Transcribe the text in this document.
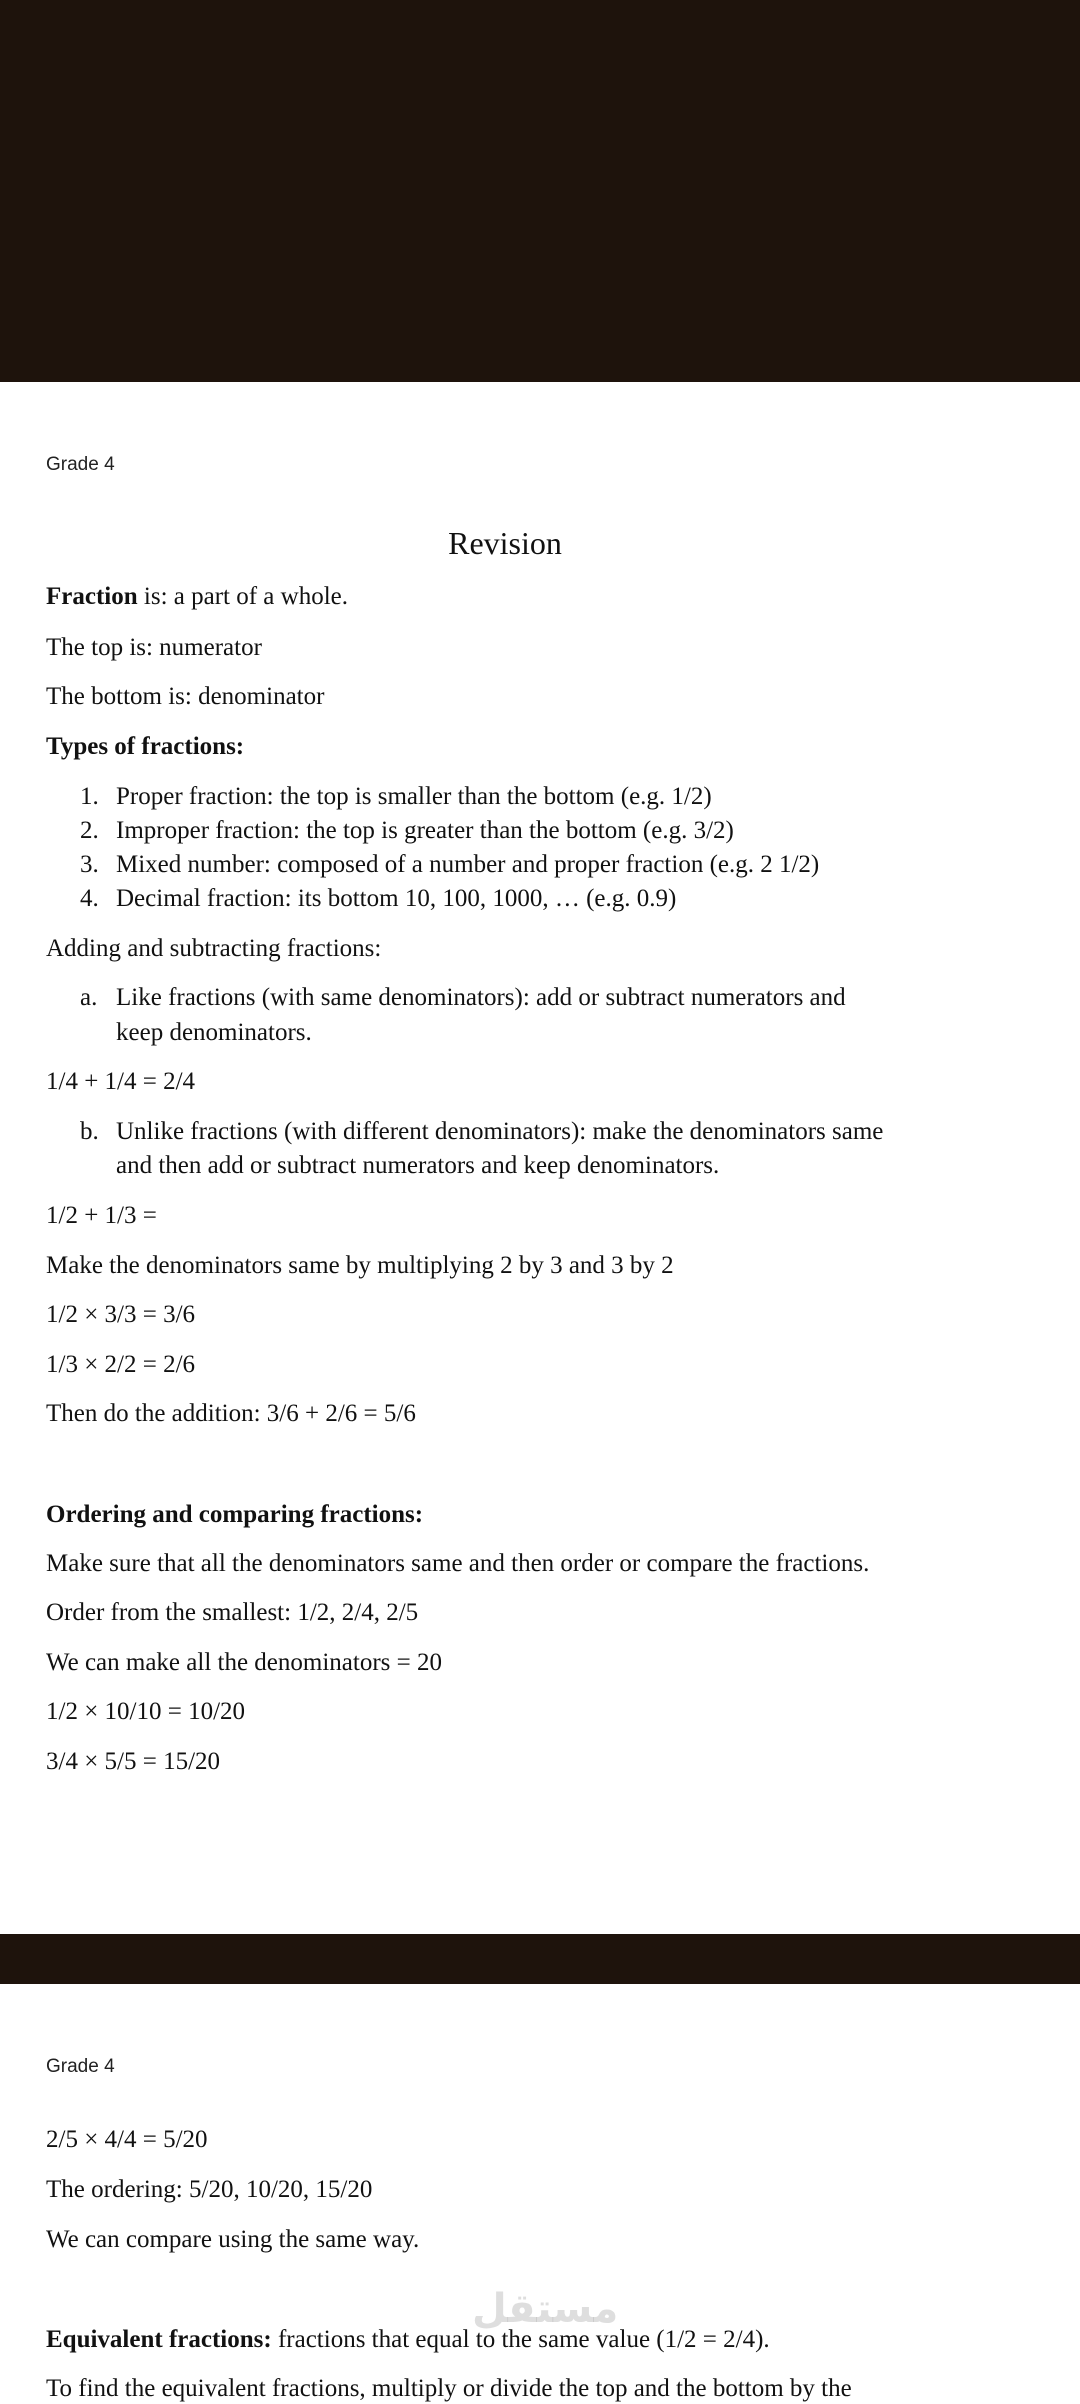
Grade 4
Revision
Fraction is: a part of a whole.
The top is: numerator
The bottom is: denominator
Types of fractions:
1. Proper fraction: the top is smaller than the bottom (e.g. 1/2)
2. Improper fraction: the top is greater than the bottom (e.g. 3/2)
3. Mixed number: composed of a number and proper fraction (e.g. 2 1/2)
4. Decimal fraction: its bottom 10, 100, 1000, … (e.g. 0.9)
Adding and subtracting fractions:
a. Like fractions (with same denominators): add or subtract numerators and
keep denominators.
1/4 + 1/4 = 2/4
b. Unlike fractions (with different denominators): make the denominators same
and then add or subtract numerators and keep denominators.
1/2 + 1/3 =
Make the denominators same by multiplying 2 by 3 and 3 by 2
1/2 × 3/3 = 3/6
1/3 × 2/2 = 2/6
Then do the addition: 3/6 + 2/6 = 5/6
Ordering and comparing fractions:
Make sure that all the denominators same and then order or compare the fractions.
Order from the smallest: 1/2, 2/4, 2/5
We can make all the denominators = 20
1/2 × 10/10 = 10/20
3/4 × 5/5 = 15/20
Grade 4
2/5 × 4/4 = 5/20
The ordering: 5/20, 10/20, 15/20
We can compare using the same way.
مستقل
Equivalent fractions: fractions that equal to the same value (1/2 = 2/4).
To find the equivalent fractions, multiply or divide the top and the bottom by the
